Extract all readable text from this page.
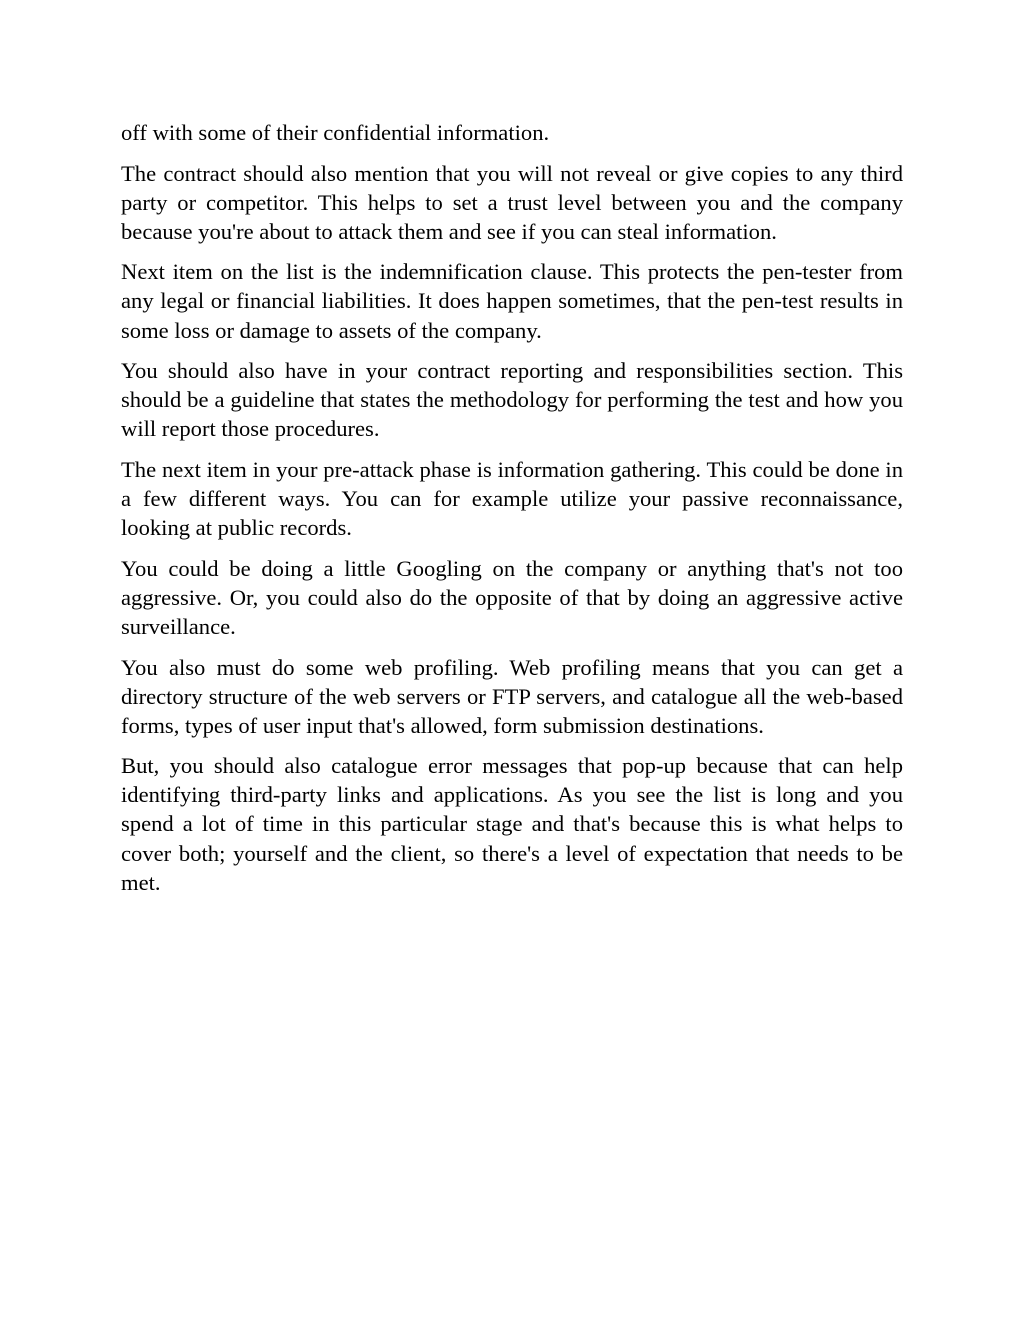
off with some of their confidential information.

The contract should also mention that you will not reveal or give copies to any third party or competitor. This helps to set a trust level between you and the company because you're about to attack them and see if you can steal information.

Next item on the list is the indemnification clause. This protects the pen-tester from any legal or financial liabilities. It does happen sometimes, that the pen-test results in some loss or damage to assets of the company.

You should also have in your contract reporting and responsibilities section. This should be a guideline that states the methodology for performing the test and how you will report those procedures.

The next item in your pre-attack phase is information gathering. This could be done in a few different ways. You can for example utilize your passive reconnaissance, looking at public records.

You could be doing a little Googling on the company or anything that's not too aggressive. Or, you could also do the opposite of that by doing an aggressive active surveillance.

You also must do some web profiling. Web profiling means that you can get a directory structure of the web servers or FTP servers, and catalogue all the web-based forms, types of user input that's allowed, form submission destinations.

But, you should also catalogue error messages that pop-up because that can help identifying third-party links and applications. As you see the list is long and you spend a lot of time in this particular stage and that's because this is what helps to cover both; yourself and the client, so there's a level of expectation that needs to be met.
